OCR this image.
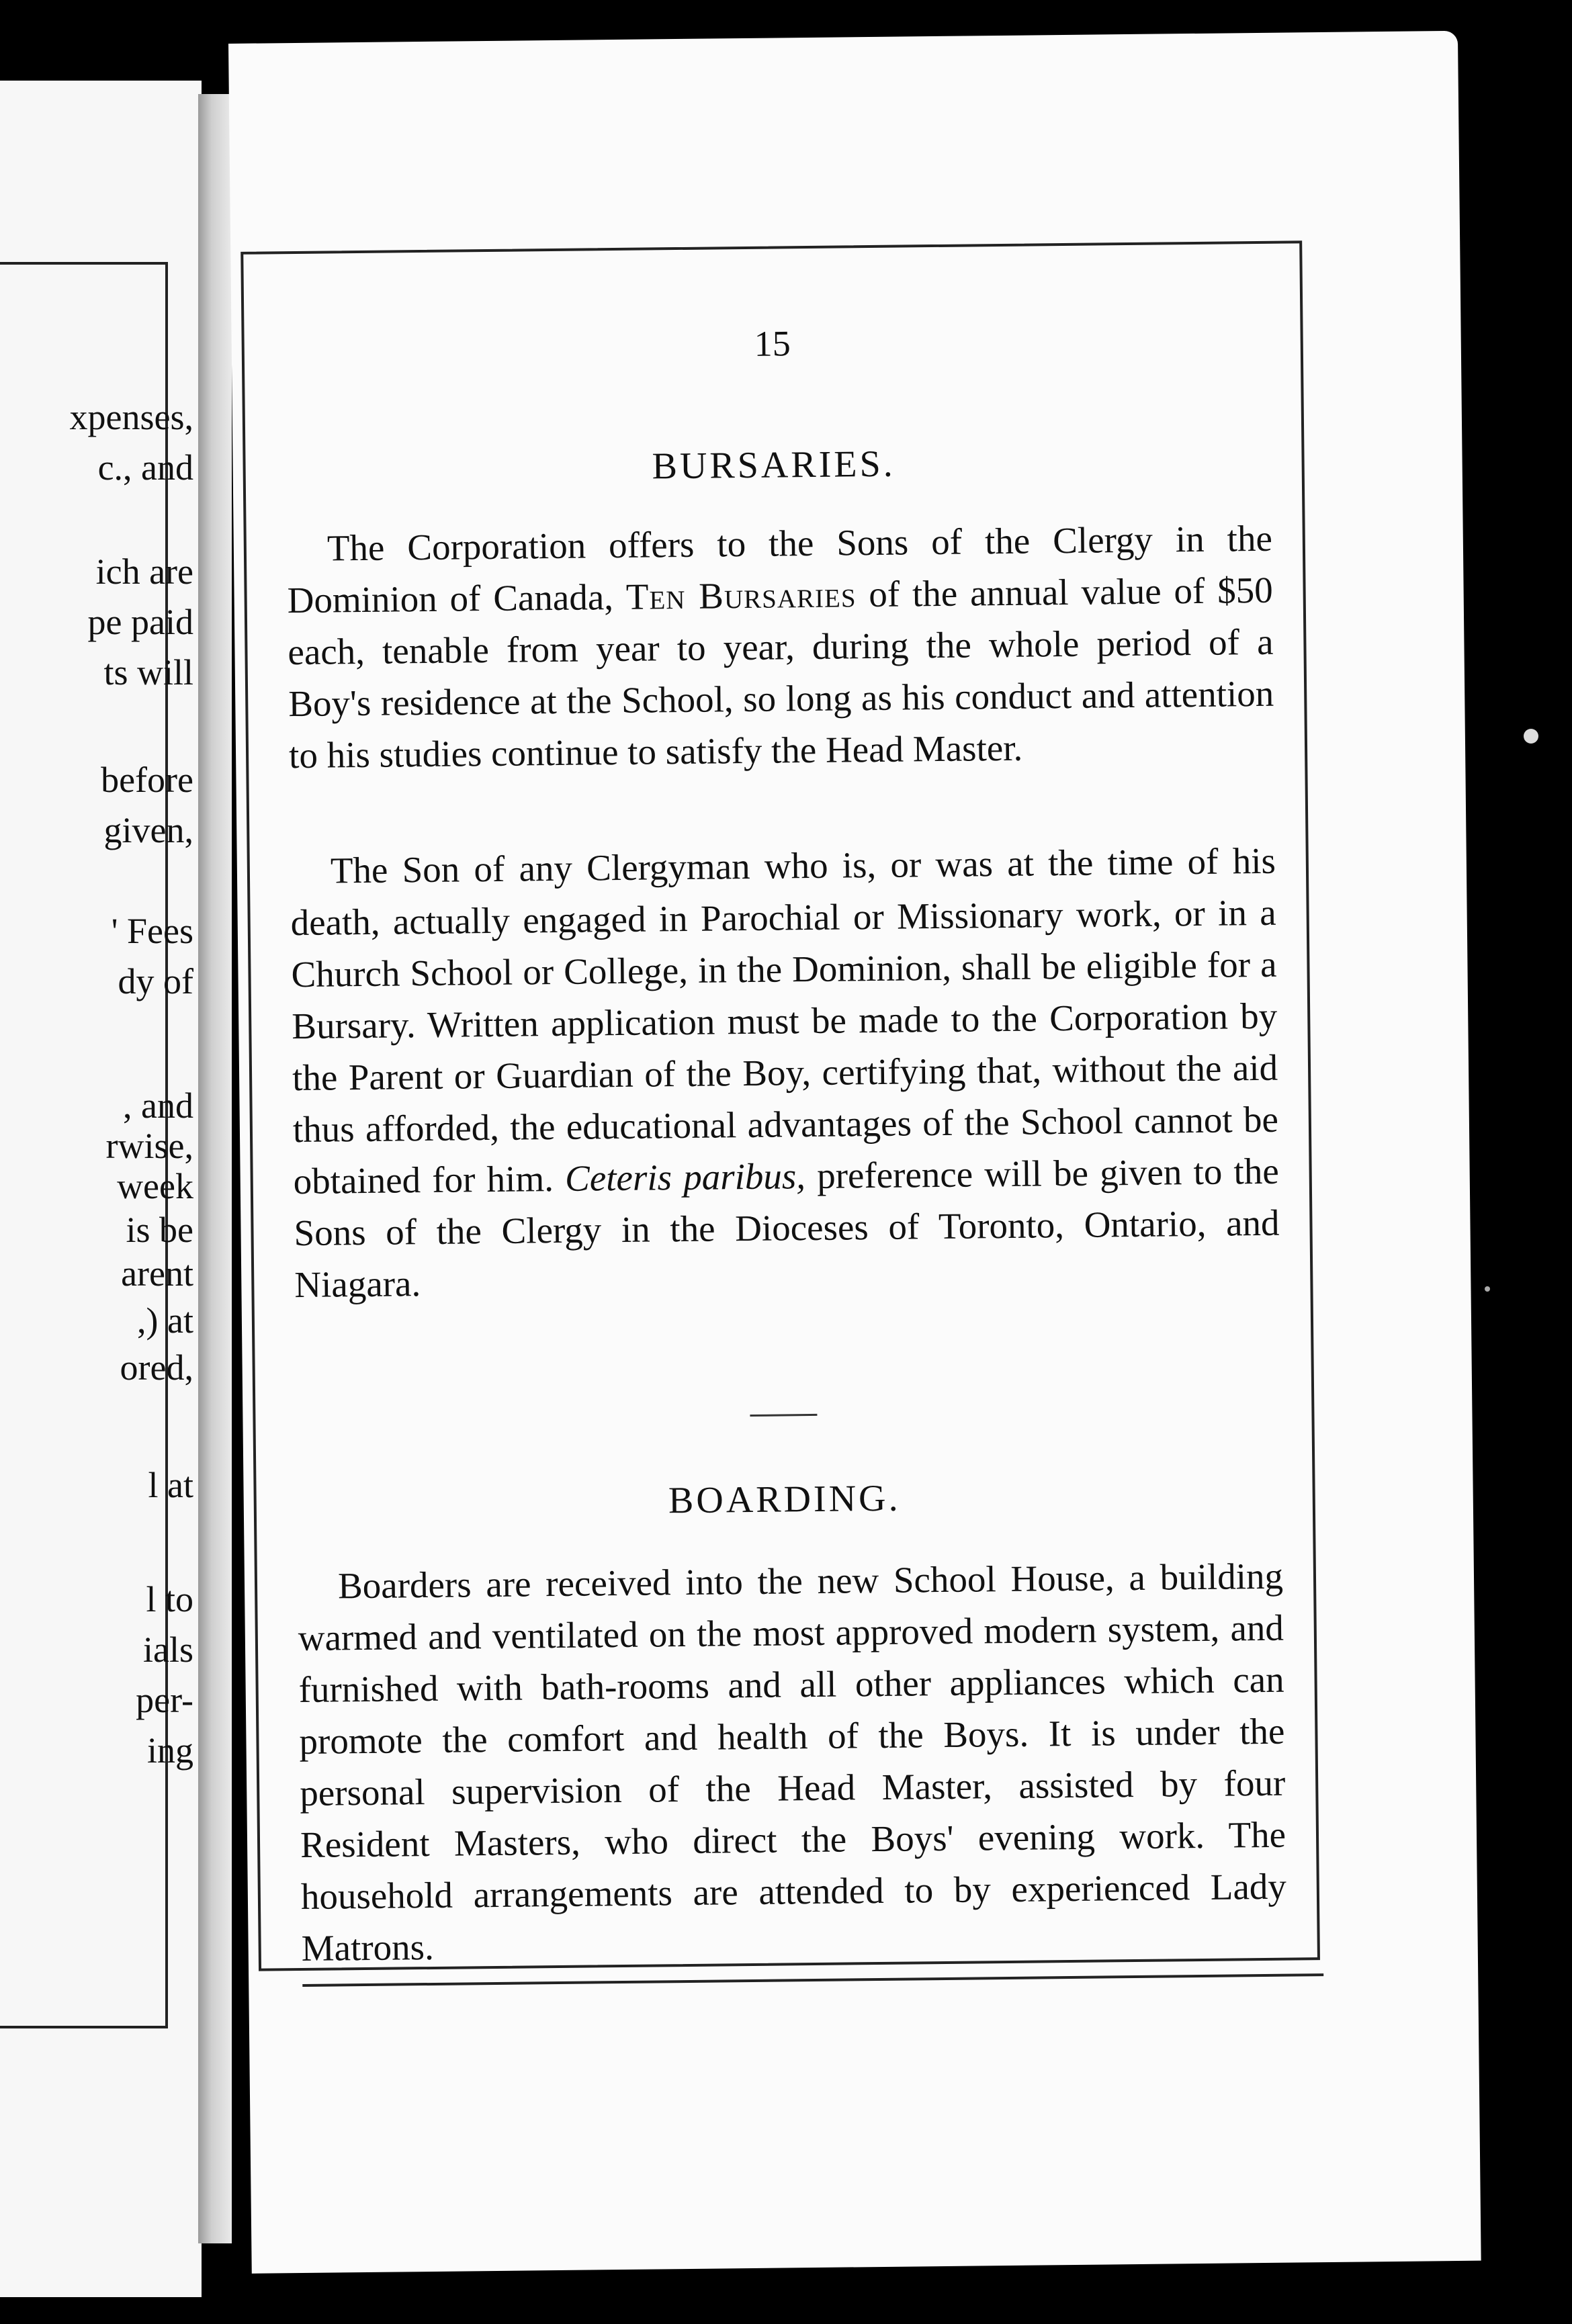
xpenses,
c., and
ich are
pe paid
ts will
before
given,
' Fees
dy of
, and
rwise,
week
is be
arent
,) at
ored,
l at
l to
ials
per-
ing
15
BURSARIES.
The Corporation offers to the Sons of the Clergy in the Dominion of Canada, Ten Bursaries of the annual value of $50 each, tenable from year to year, during the whole period of a Boy's residence at the School, so long as his conduct and attention to his studies continue to satisfy the Head Master.
The Son of any Clergyman who is, or was at the time of his death, actually engaged in Parochial or Missionary work, or in a Church School or College, in the Dominion, shall be eligible for a Bursary. Written application must be made to the Corporation by the Parent or Guardian of the Boy, certifying that, without the aid thus afforded, the educational advantages of the School cannot be obtained for him. Ceteris paribus, preference will be given to the Sons of the Clergy in the Dioceses of Toronto, Ontario, and Niagara.
BOARDING.
Boarders are received into the new School House, a building warmed and ventilated on the most approved modern system, and furnished with bath-rooms and all other appliances which can promote the comfort and health of the Boys. It is under the personal supervision of the Head Master, assisted by four Resident Masters, who direct the Boys' evening work. The household arrangements are attended to by experienced Lady Matrons.
